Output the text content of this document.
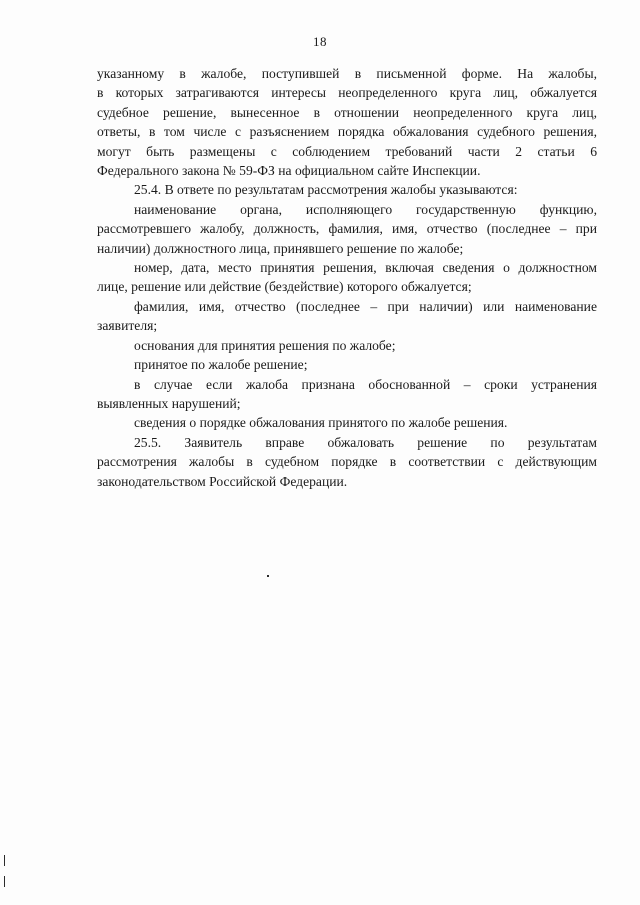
18
указанному в жалобе, поступившей в письменной форме. На жалобы,
в которых затрагиваются интересы неопределенного круга лиц, обжалуется
судебное решение, вынесенное в отношении неопределенного круга лиц,
ответы, в том числе с разъяснением порядка обжалования судебного решения,
могут быть размещены с соблюдением требований части 2 статьи 6
Федерального закона № 59-ФЗ на официальном сайте Инспекции.
25.4. В ответе по результатам рассмотрения жалобы указываются:
наименование органа, исполняющего государственную функцию,
рассмотревшего жалобу, должность, фамилия, имя, отчество (последнее – при
наличии) должностного лица, принявшего решение по жалобе;
номер, дата, место принятия решения, включая сведения о должностном
лице, решение или действие (бездействие) которого обжалуется;
фамилия, имя, отчество (последнее – при наличии) или наименование
заявителя;
основания для принятия решения по жалобе;
принятое по жалобе решение;
в случае если жалоба признана обоснованной – сроки устранения
выявленных нарушений;
сведения о порядке обжалования принятого по жалобе решения.
25.5. Заявитель вправе обжаловать решение по результатам
рассмотрения жалобы в судебном порядке в соответствии с действующим
законодательством Российской Федерации.
